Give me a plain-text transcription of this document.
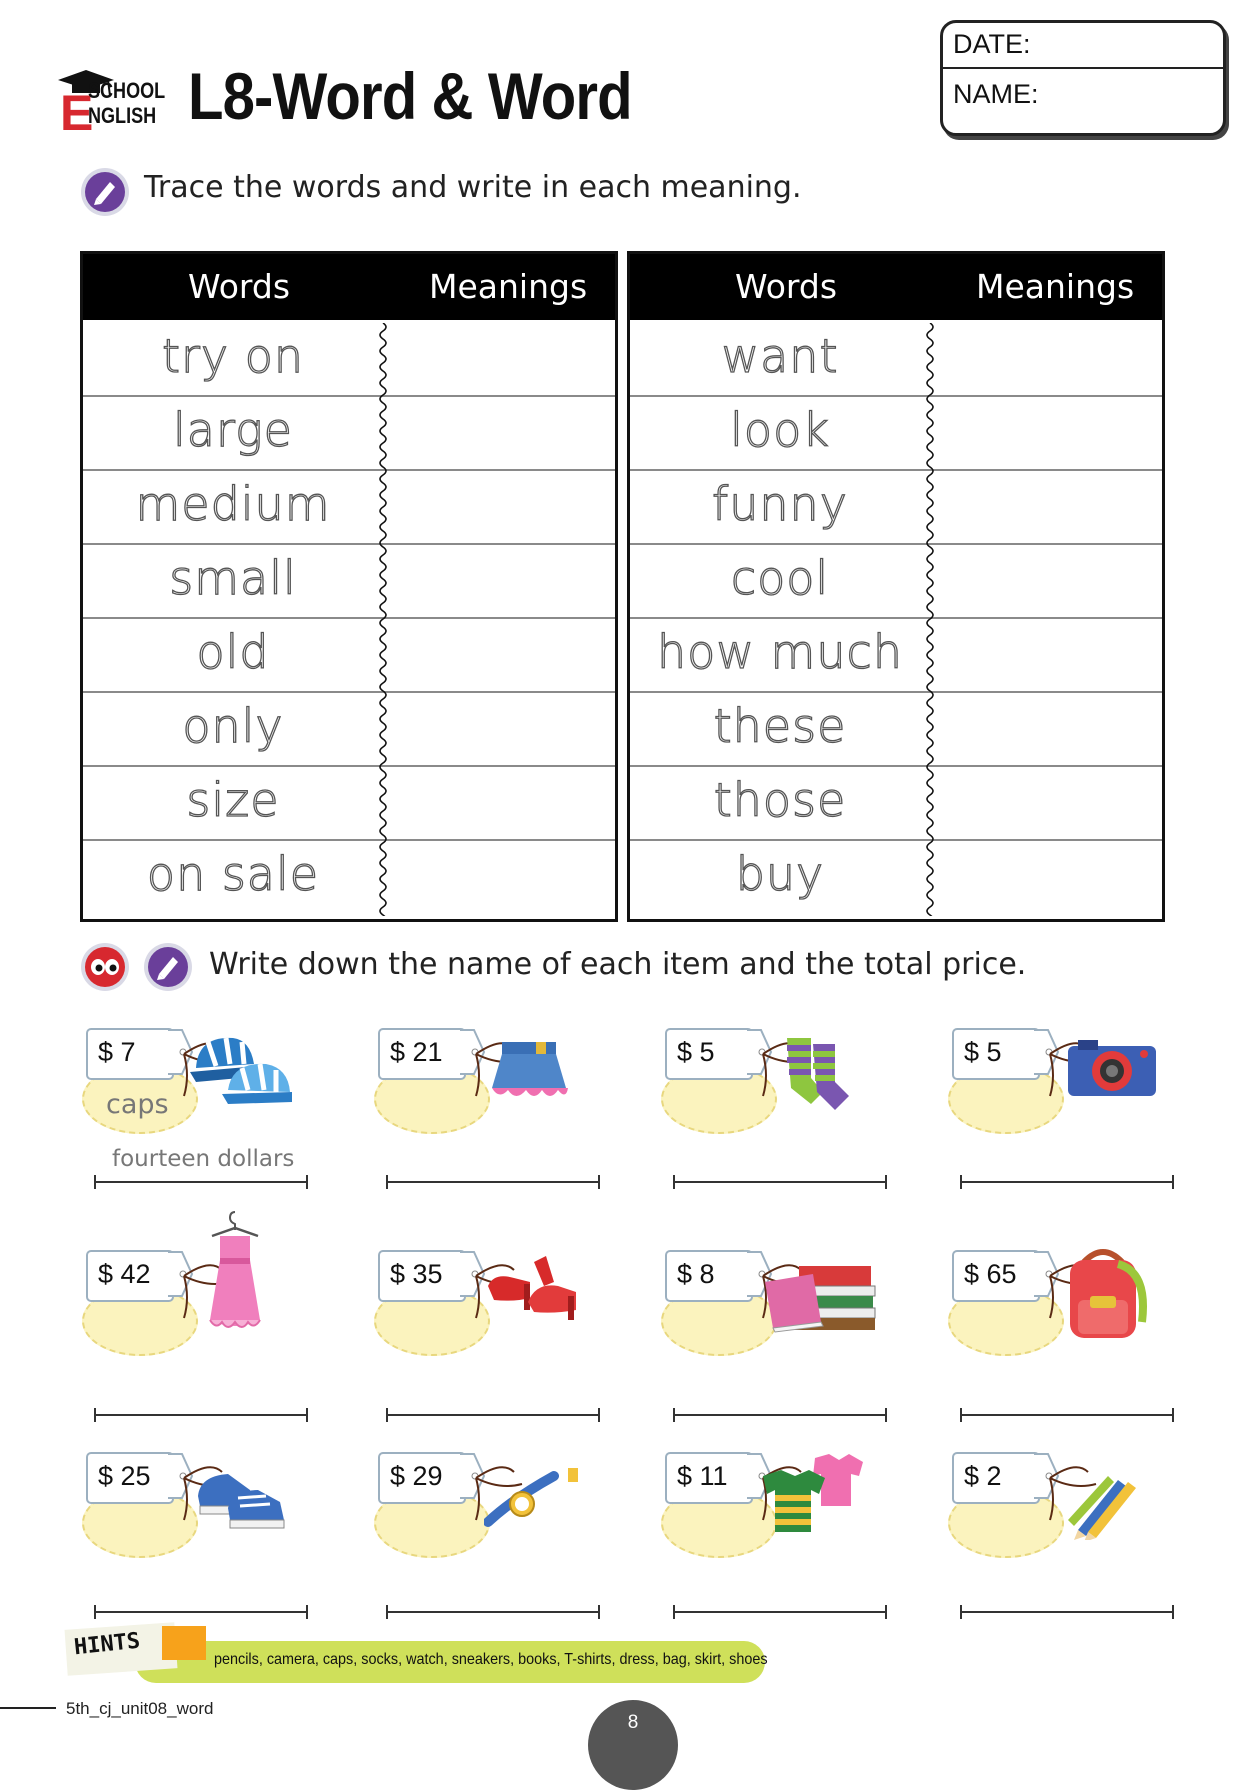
E
SCHOOL
NGLISH L8-Word & Word
DATE:
NAME:
Trace the words and write in each meaning.
Words	Meanings
try on
large
medium
small
old
only
size
on sale
Words	Meanings
want
look
funny
cool
how much
these
those
buy
Write down the name of each item and the total price.
$ 7	$ 21	$ 5	$ 5
$ 42	$ 35	$ 8	$ 65
$ 25	$ 29	$ 11	$ 2
caps
fourteen dollars
HINTS	pencils, camera, caps, socks, watch, sneakers, books, T-shirts, dress, bag, skirt, shoes
5th_cj_unit08_word
8
